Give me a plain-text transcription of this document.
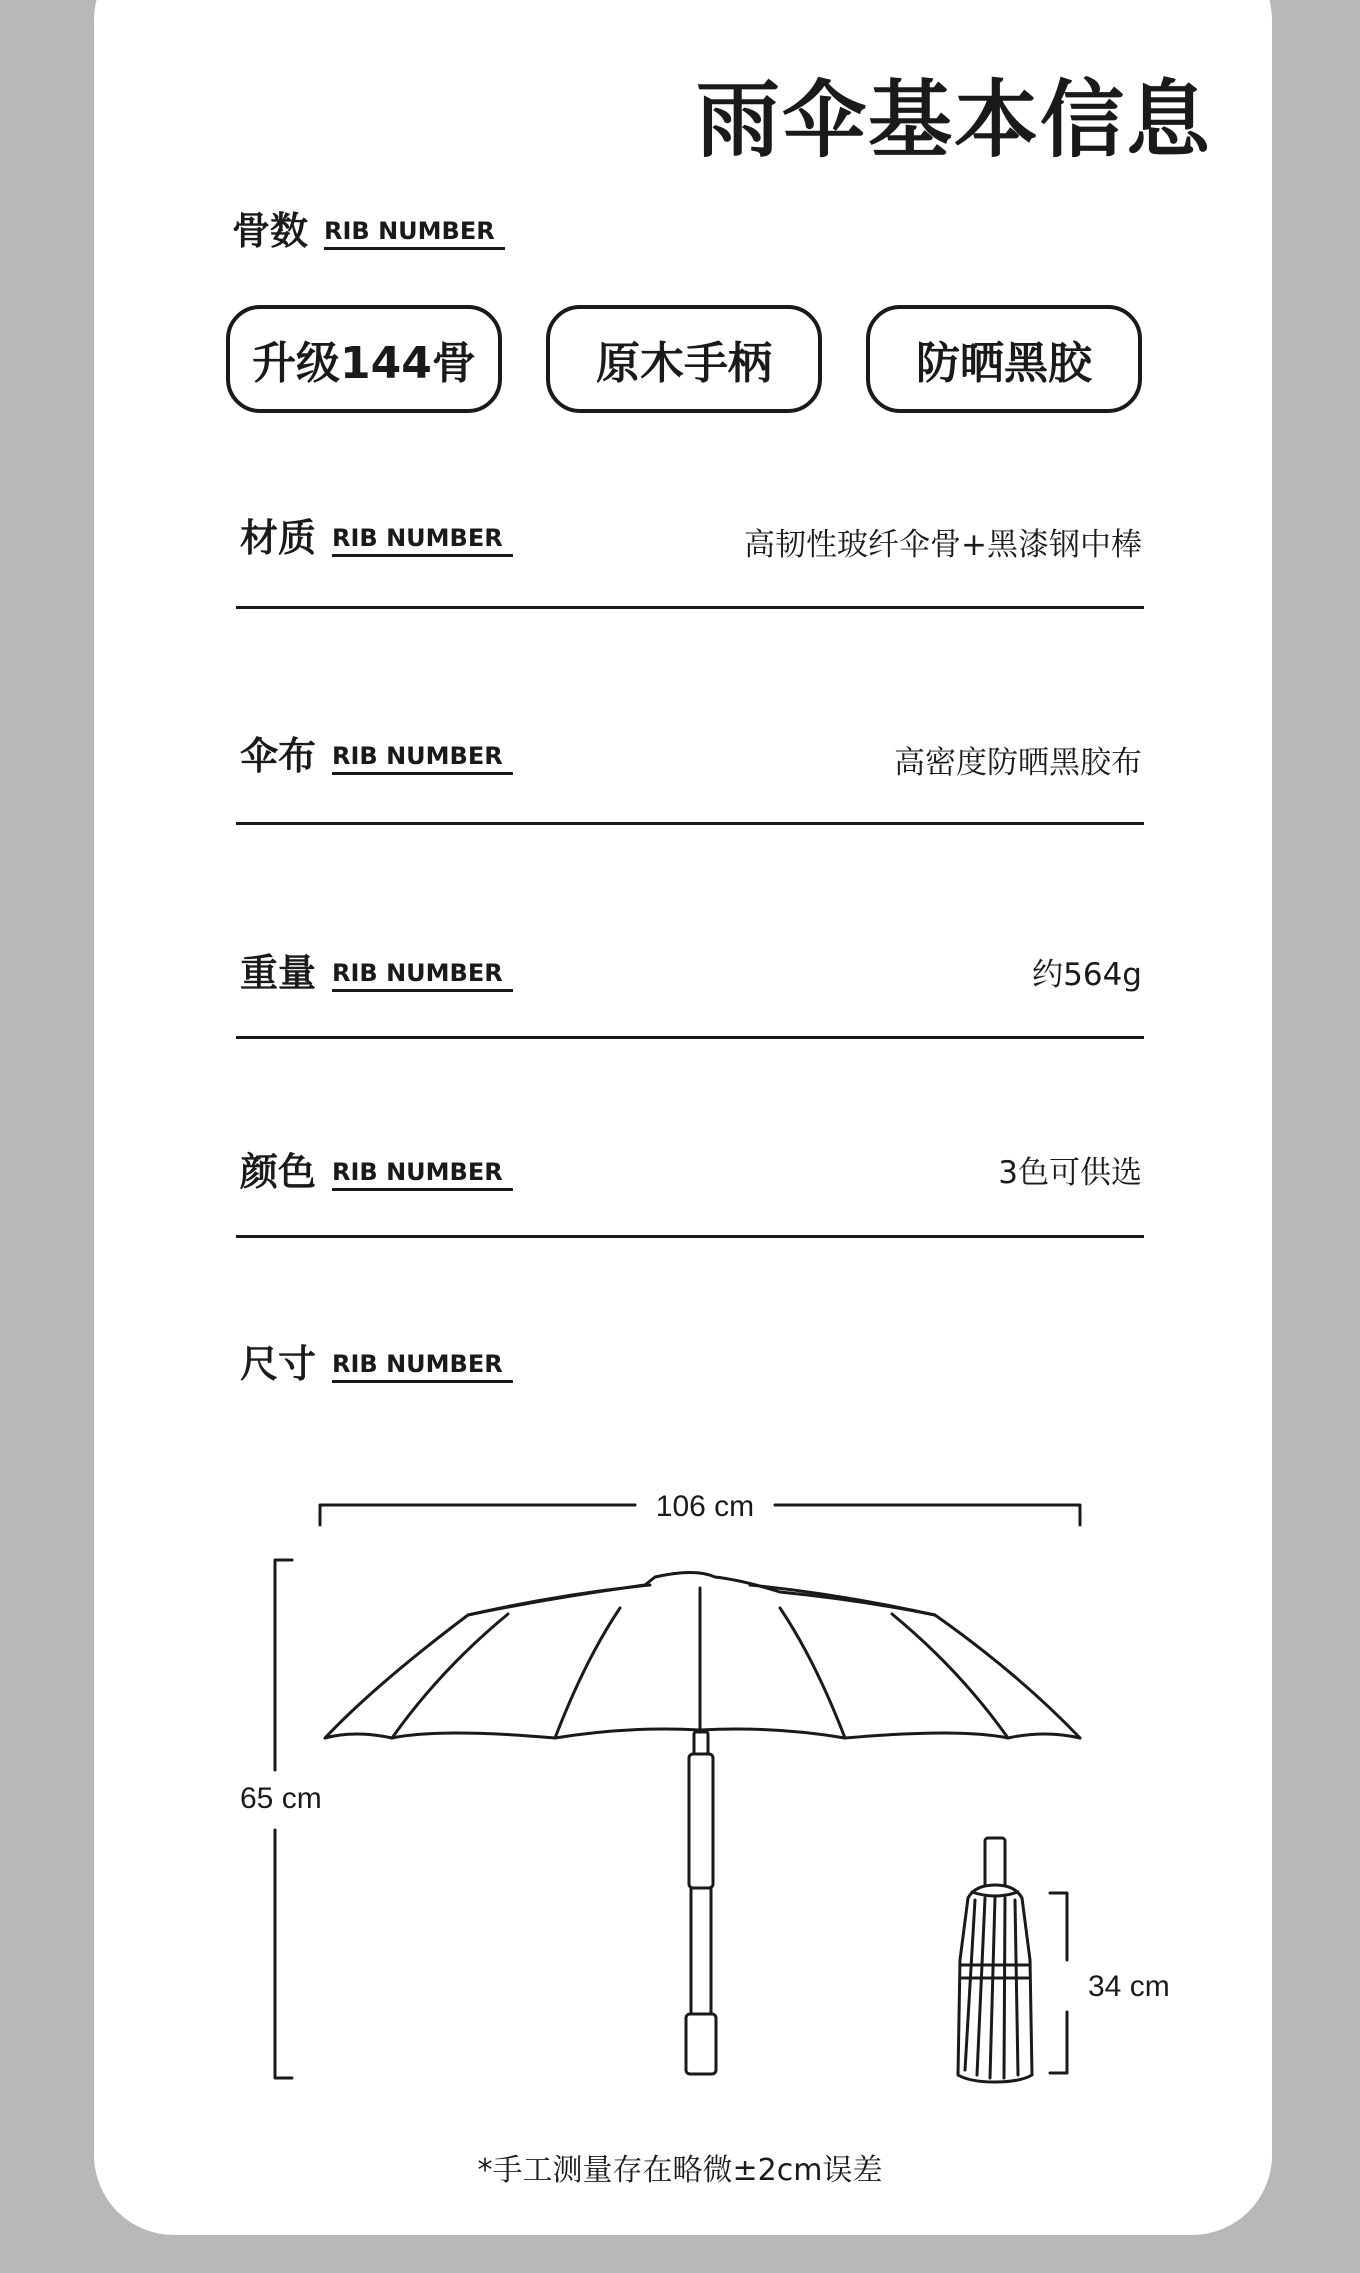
雨伞基本信息
骨数 RIB NUMBER
升级144骨	原木手柄	防晒黑胶
材质 RIB NUMBER	高韧性玻纤伞骨+黑漆钢中棒
伞布 RIB NUMBER	高密度防晒黑胶布
重量 RIB NUMBER	约564g
颜色 RIB NUMBER	3色可供选
尺寸 RIB NUMBER
106 cm
65 cm
34 cm
*手工测量存在略微±2cm误差
